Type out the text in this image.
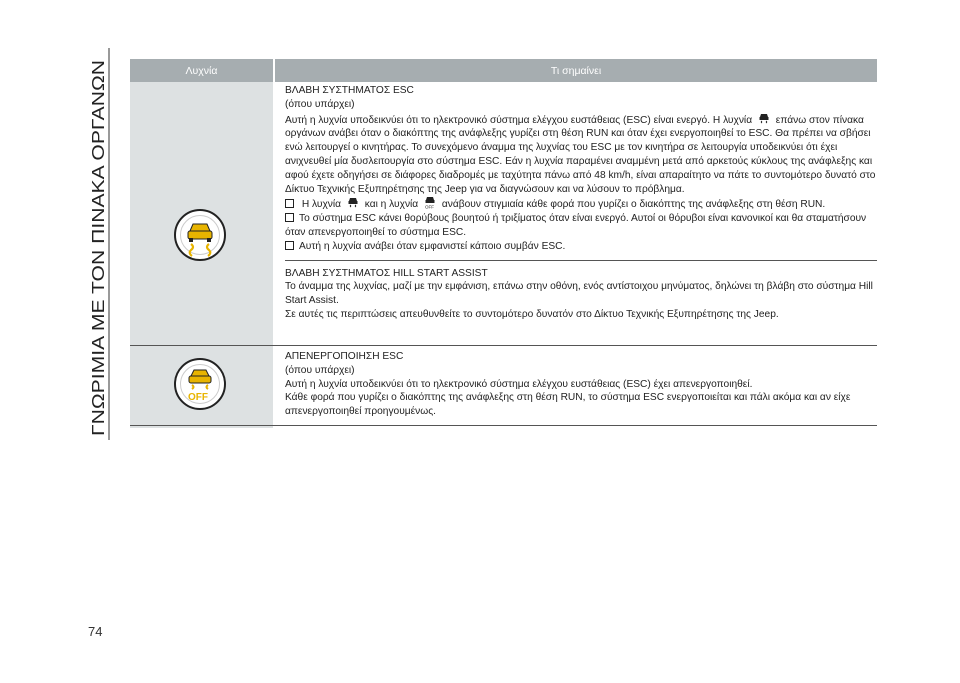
ΓΝΩΡΙΜΙΑ ΜΕ ΤΟΝ ΠΙΝΑΚΑ ΟΡΓΑΝΩΝ
Λυχνία	Τι σημαίνει

ΒΛΑΒΗ ΣΥΣΤΗΜΑΤΟΣ ESC

(όπου υπάρχει)

Αυτή η λυχνία υποδεικνύει ότι το ηλεκτρονικό σύστημα ελέγχου ευστάθειας (ESC) είναι ενεργό. Η λυχνία επάνω στον πίνακα οργάνων ανάβει όταν ο διακόπτης της ανάφλεξης γυρίζει στη θέση RUN και όταν έχει ενεργοποιηθεί το ESC. Θα πρέπει να σβήσει ενώ λειτουργεί ο κινητήρας. Το συνεχόμενο άναμμα της λυχνίας του ESC με τον κινητήρα σε λειτουργία υποδεικνύει ότι έχει ανιχνευθεί μία δυσλειτουργία στο σύστημα ESC. Εάν η λυχνία παραμένει αναμμένη μετά από αρκετούς κύκλους της ανάφλεξης και αφού έχετε οδηγήσει σε διάφορες διαδρομές με ταχύτητα πάνω από 48 km/h, είναι απαραίτητο να πάτε το συντομότερο δυνατό στο Δίκτυο Τεχνικής Εξυπηρέτησης της Jeep για να διαγνώσουν και να λύσουν το πρόβλημα.

Η λυχνία και η λυχνία OFF ανάβουν στιγμιαία κάθε φορά που γυρίζει ο διακόπτης της ανάφλεξης στη θέση RUN.

Το σύστημα ESC κάνει θορύβους βουητού ή τριξίματος όταν είναι ενεργό. Αυτοί οι θόρυβοι είναι κανονικοί και θα σταματήσουν όταν απενεργοποιηθεί το σύστημα ESC.

Αυτή η λυχνία ανάβει όταν εμφανιστεί κάποιο συμβάν ESC.

ΒΛΑΒΗ ΣΥΣΤΗΜΑΤΟΣ HILL START ASSIST

Το άναμμα της λυχνίας, μαζί με την εμφάνιση, επάνω στην οθόνη, ενός αντίστοιχου μηνύματος, δηλώνει τη βλάβη στο σύστημα Hill Start Assist.

Σε αυτές τις περιπτώσεις απευθυνθείτε το συντομότερο δυνατόν στο Δίκτυο Τεχνικής Εξυπηρέτησης της Jeep.

OFF

ΑΠΕΝΕΡΓΟΠΟΙΗΣΗ ESC

(όπου υπάρχει)

Αυτή η λυχνία υποδεικνύει ότι το ηλεκτρονικό σύστημα ελέγχου ευστάθειας (ESC) έχει απενεργοποιηθεί.

Κάθε φορά που γυρίζει ο διακόπτης της ανάφλεξης στη θέση RUN, το σύστημα ESC ενεργοποιείται και πάλι ακόμα και αν είχε απενεργοποιηθεί προηγουμένως.

74
